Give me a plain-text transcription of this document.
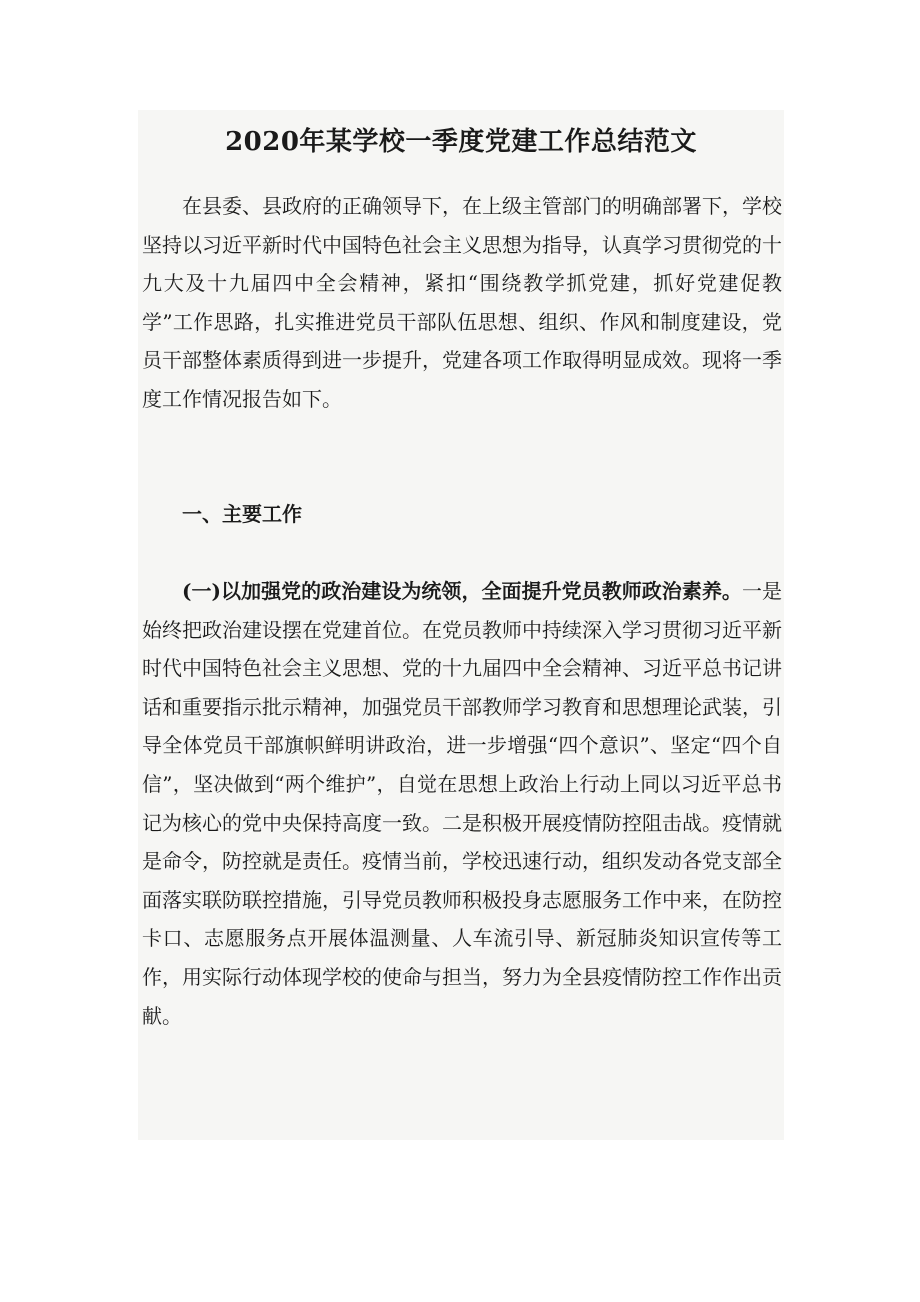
2020年某学校一季度党建工作总结范文

在县委、县政府的正确领导下，在上级主管部门的明确部署下，学校坚持以习近平新时代中国特色社会主义思想为指导，认真学习贯彻党的十九大及十九届四中全会精神，紧扣“围绕教学抓党建，抓好党建促教学”工作思路，扎实推进党员干部队伍思想、组织、作风和制度建设，党员干部整体素质得到进一步提升，党建各项工作取得明显成效。现将一季度工作情况报告如下。

一、主要工作

(一)以加强党的政治建设为统领，全面提升党员教师政治素养。一是始终把政治建设摆在党建首位。在党员教师中持续深入学习贯彻习近平新时代中国特色社会主义思想、党的十九届四中全会精神、习近平总书记讲话和重要指示批示精神，加强党员干部教师学习教育和思想理论武装，引导全体党员干部旗帜鲜明讲政治，进一步增强“四个意识”、坚定“四个自信”，坚决做到“两个维护”，自觉在思想上政治上行动上同以习近平总书记为核心的党中央保持高度一致。二是积极开展疫情防控阻击战。疫情就是命令，防控就是责任。疫情当前，学校迅速行动，组织发动各党支部全面落实联防联控措施，引导党员教师积极投身志愿服务工作中来，在防控卡口、志愿服务点开展体温测量、人车流引导、新冠肺炎知识宣传等工作，用实际行动体现学校的使命与担当，努力为全县疫情防控工作作出贡献。
